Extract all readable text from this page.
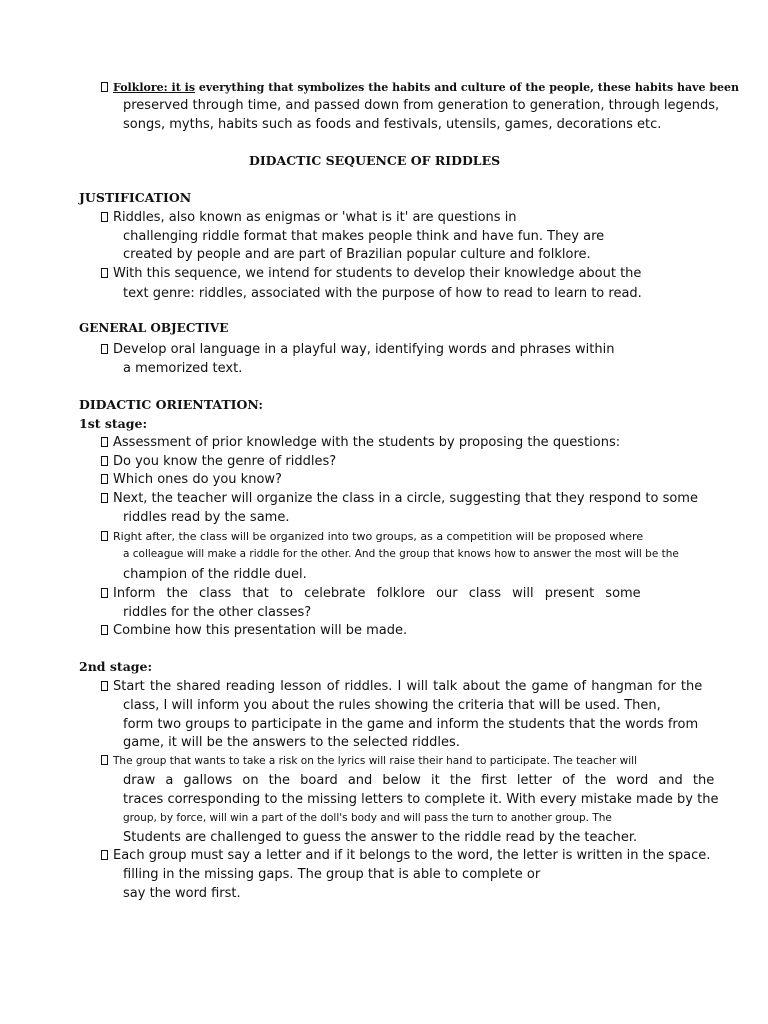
Folklore: it is everything that symbolizes the habits and culture of the people, these habits have been
preserved through time, and passed down from generation to generation, through legends,
songs, myths, habits such as foods and festivals, utensils, games, decorations etc.
DIDACTIC SEQUENCE OF RIDDLES
JUSTIFICATION
Riddles, also known as enigmas or 'what is it' are questions in
challenging riddle format that makes people think and have fun. They are
created by people and are part of Brazilian popular culture and folklore.
With this sequence, we intend for students to develop their knowledge about the
text genre: riddles, associated with the purpose of how to read to learn to read.
GENERAL OBJECTIVE
Develop oral language in a playful way, identifying words and phrases within
a memorized text.
DIDACTIC ORIENTATION:
1st stage:
Assessment of prior knowledge with the students by proposing the questions:
Do you know the genre of riddles?
Which ones do you know?
Next, the teacher will organize the class in a circle, suggesting that they respond to some
riddles read by the same.
Right after, the class will be organized into two groups, as a competition will be proposed where
a colleague will make a riddle for the other. And the group that knows how to answer the most will be the
champion of the riddle duel.
Inform the class that to celebrate folklore our class will present some
riddles for the other classes?
Combine how this presentation will be made.
2nd stage:
Start the shared reading lesson of riddles. I will talk about the game of hangman for the
class, I will inform you about the rules showing the criteria that will be used. Then,
form two groups to participate in the game and inform the students that the words from
game, it will be the answers to the selected riddles.
The group that wants to take a risk on the lyrics will raise their hand to participate. The teacher will
draw a gallows on the board and below it the first letter of the word and the
traces corresponding to the missing letters to complete it. With every mistake made by the
group, by force, will win a part of the doll's body and will pass the turn to another group. The
Students are challenged to guess the answer to the riddle read by the teacher.
Each group must say a letter and if it belongs to the word, the letter is written in the space.
filling in the missing gaps. The group that is able to complete or
say the word first.
